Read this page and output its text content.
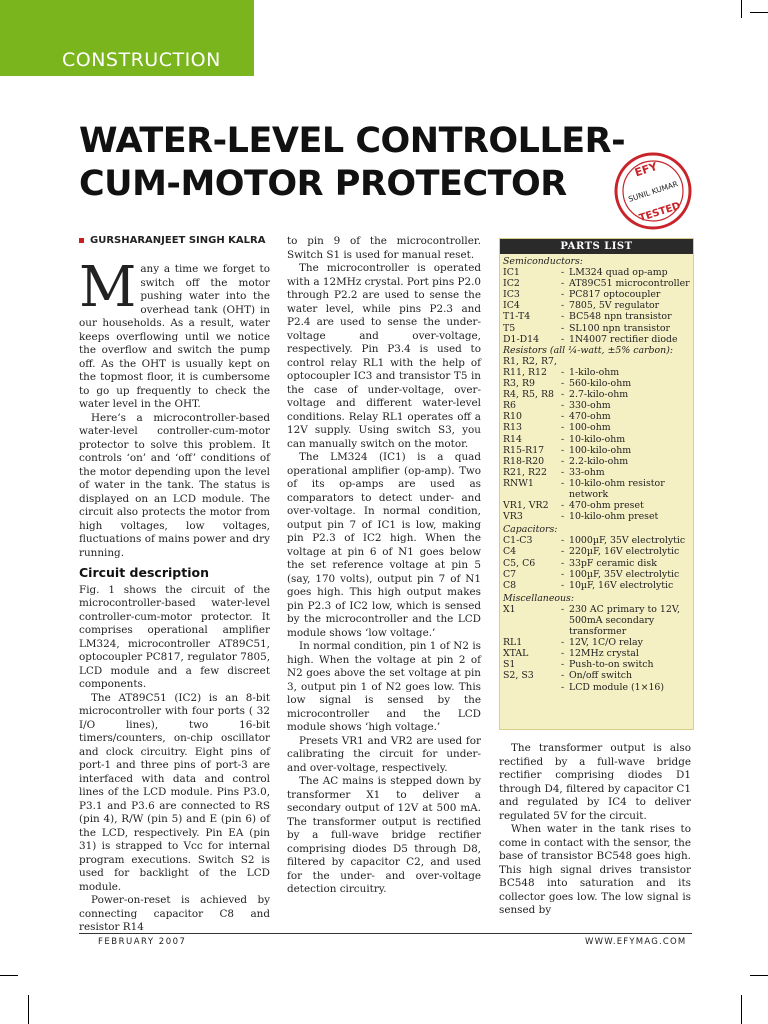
CONSTRUCTION
WATER-LEVEL CONTROLLER-
CUM-MOTOR PROTECTOR	EFY
SUNIL KUMAR
TESTED
GURSHARANJEET SINGH KALRA

Many a time we forget to switch off the motor pushing water into the overhead tank (OHT) in our households. As a result, water keeps overflowing until we notice the overflow and switch the pump off. As the OHT is usually kept on the topmost floor, it is cumbersome to go up frequently to check the water level in the OHT.

Here’s a microcontroller-based water-level controller-cum-motor protector to solve this problem. It controls ‘on’ and ‘off’ conditions of the motor depending upon the level of water in the tank. The status is displayed on an LCD module. The circuit also protects the motor from high voltages, low voltages, fluctuations of mains power and dry running.

Circuit description

Fig. 1 shows the circuit of the microcontroller-based water-level controller-cum-motor protector. It comprises operational amplifier LM324, microcontroller AT89C51, optocoupler PC817, regulator 7805, LCD module and a few discreet components.

The AT89C51 (IC2) is an 8-bit microcontroller with four ports ( 32 I/O lines), two 16-bit timers/counters, on-chip oscillator and clock circuitry. Eight pins of port-1 and three pins of port-3 are interfaced with data and control lines of the LCD module. Pins P3.0, P3.1 and P3.6 are connected to RS (pin 4), R/W (pin 5) and E (pin 6) of the LCD, respectively. Pin EA (pin 31) is strapped to Vcc for internal program executions. Switch S2 is used for backlight of the LCD module.

Power-on-reset is achieved by connecting capacitor C8 and resistor R14

to pin 9 of the microcontroller. Switch S1 is used for manual reset.

The microcontroller is operated with a 12MHz crystal. Port pins P2.0 through P2.2 are used to sense the water level, while pins P2.3 and P2.4 are used to sense the under-voltage and over-voltage, respectively. Pin P3.4 is used to control relay RL1 with the help of optocoupler IC3 and transistor T5 in the case of under-voltage, over-voltage and different water-level conditions. Relay RL1 operates off a 12V supply. Using switch S3, you can manually switch on the motor.

The LM324 (IC1) is a quad operational amplifier (op-amp). Two of its op-amps are used as comparators to detect under- and over-voltage. In normal condition, output pin 7 of IC1 is low, making pin P2.3 of IC2 high. When the voltage at pin 6 of N1 goes below the set reference voltage at pin 5 (say, 170 volts), output pin 7 of N1 goes high. This high output makes pin P2.3 of IC2 low, which is sensed by the microcontroller and the LCD module shows ‘low voltage.’

In normal condition, pin 1 of N2 is high. When the voltage at pin 2 of N2 goes above the set voltage at pin 3, output pin 1 of N2 goes low. This low signal is sensed by the microcontroller and the LCD module shows ‘high voltage.’

Presets VR1 and VR2 are used for calibrating the circuit for under- and over-voltage, respectively.

The AC mains is stepped down by transformer X1 to deliver a secondary output of 12V at 500 mA. The transformer output is rectified by a full-wave bridge rectifier comprising diodes D5 through D8, filtered by capacitor C2, and used for the under- and over-voltage detection circuitry.

PARTS LIST
Semiconductors:
IC1	- LM324 quad op-amp
IC2	- AT89C51 microcontroller
IC3	- PC817 optocoupler
IC4	- 7805, 5V regulator
T1-T4	- BC548 npn transistor
T5	- SL100 npn transistor
D1-D14	- 1N4007 rectifier diode
Resistors (all ¼-watt, ±5% carbon):
R1, R2, R7,
R11, R12	- 1-kilo-ohm
R3, R9	- 560-kilo-ohm
R4, R5, R8 - 2.7-kilo-ohm
R6	- 330-ohm
R10	- 470-ohm
R13	- 100-ohm
R14	- 10-kilo-ohm
R15-R17	- 100-kilo-ohm
R18-R20	- 2.2-kilo-ohm
R21, R22	- 33-ohm
RNW1	- 10-kilo-ohm resistor network
VR1, VR2	- 470-ohm preset
VR3	- 10-kilo-ohm preset
Capacitors:
C1-C3	- 1000µF, 35V electrolytic
C4	- 220µF, 16V electrolytic
C5, C6	- 33pF ceramic disk
C7	- 100µF, 35V electrolytic
C8	- 10µF, 16V electrolytic
Miscellaneous:
X1	- 230 AC primary to 12V, 500mA secondary transformer
RL1	- 12V, 1C/O relay
XTAL	- 12MHz crystal
S1	- Push-to-on switch
S2, S3	- On/off switch
- LCD module (1×16)

The transformer output is also rectified by a full-wave bridge rectifier comprising diodes D1 through D4, filtered by capacitor C1 and regulated by IC4 to deliver regulated 5V for the circuit.

When water in the tank rises to come in contact with the sensor, the base of transistor BC548 goes high. This high signal drives transistor BC548 into saturation and its collector goes low. The low signal is sensed by

FEBRUARY 2007	WWW.EFYMAG.COM
